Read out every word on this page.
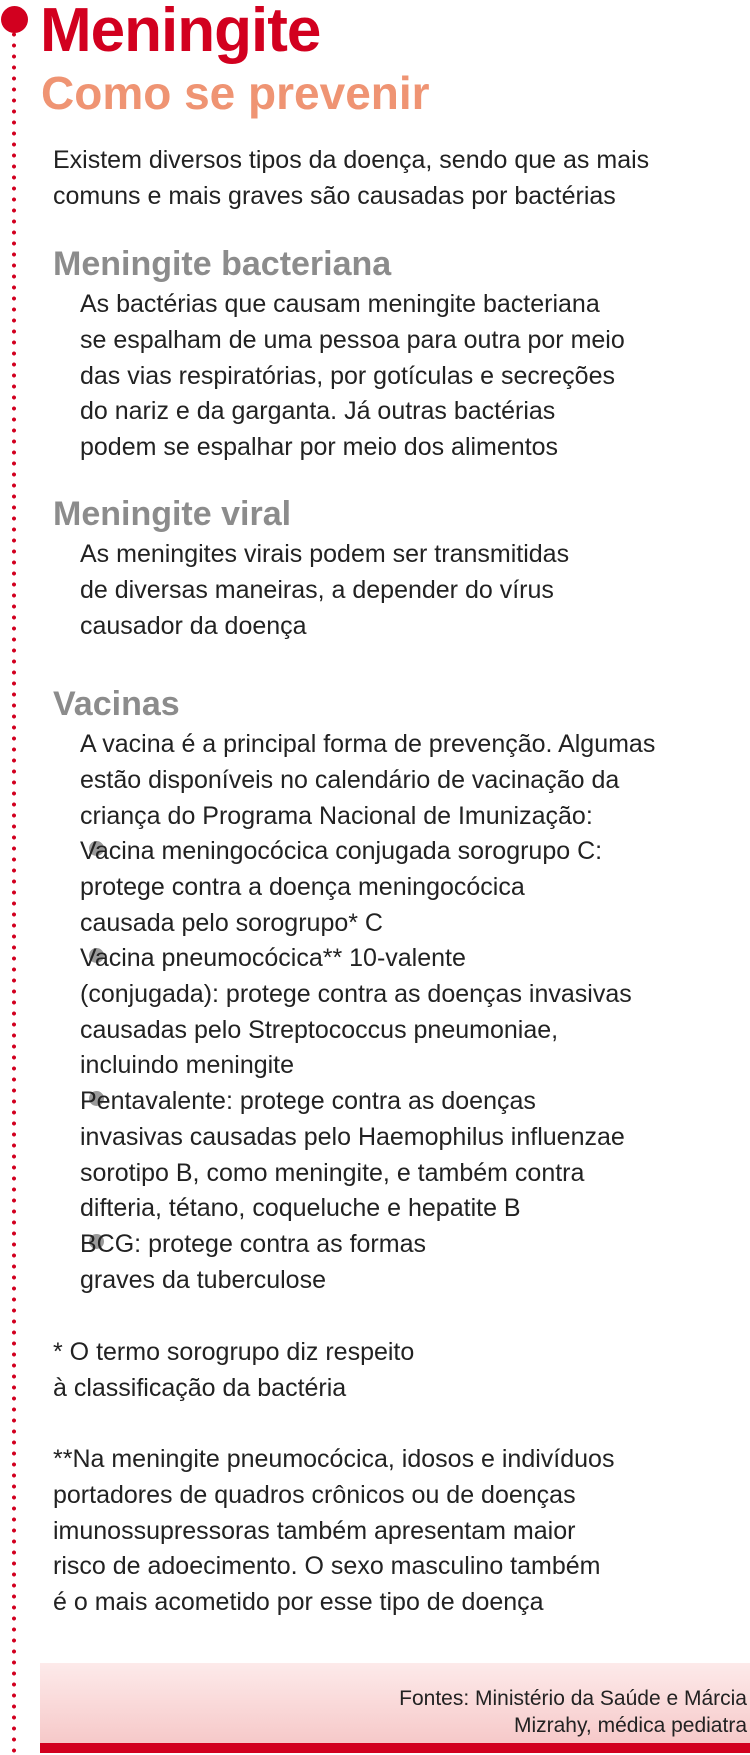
Meningite
Como se prevenir

Existem diversos tipos da doença, sendo que as mais
comuns e mais graves são causadas por bactérias

Meningite bacteriana

As bactérias que causam meningite bacteriana
se espalham de uma pessoa para outra por meio
das vias respiratórias, por gotículas e secreções
do nariz e da garganta. Já outras bactérias
podem se espalhar por meio dos alimentos

Meningite viral

As meningites virais podem ser transmitidas
de diversas maneiras, a depender do vírus
causador da doença

Vacinas

A vacina é a principal forma de prevenção. Algumas
estão disponíveis no calendário de vacinação da
criança do Programa Nacional de Imunização:

Vacina meningocócica conjugada sorogrupo C:
protege contra a doença meningocócica
causada pelo sorogrupo* C

Vacina pneumocócica** 10-valente
(conjugada): protege contra as doenças invasivas
causadas pelo Streptococcus pneumoniae,
incluindo meningite

Pentavalente: protege contra as doenças
invasivas causadas pelo Haemophilus influenzae
sorotipo B, como meningite, e também contra
difteria, tétano, coqueluche e hepatite B

BCG: protege contra as formas
graves da tuberculose

* O termo sorogrupo diz respeito
à classificação da bactéria

**Na meningite pneumocócica, idosos e indivíduos
portadores de quadros crônicos ou de doenças
imunossupressoras também apresentam maior
risco de adoecimento. O sexo masculino também
é o mais acometido por esse tipo de doença

Fontes: Ministério da Saúde e Márcia
Mizrahy, médica pediatra
